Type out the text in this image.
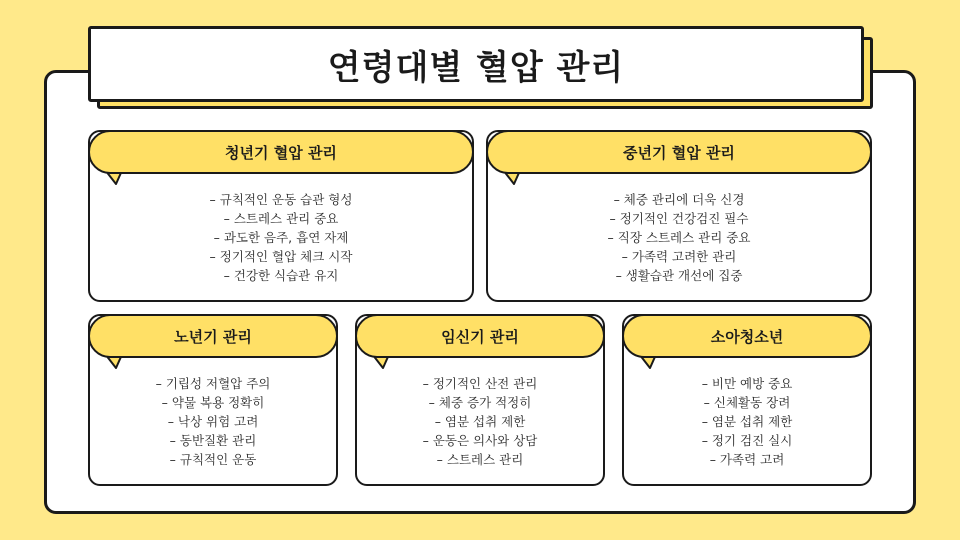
연령대별 혈압 관리
청년기 혈압 관리
– 규칙적인 운동 습관 형성
– 스트레스 관리 중요
– 과도한 음주, 흡연 자제
– 정기적인 혈압 체크 시작
– 건강한 식습관 유지
중년기 혈압 관리
– 체중 관리에 더욱 신경
– 정기적인 건강검진 필수
– 직장 스트레스 관리 중요
– 가족력 고려한 관리
– 생활습관 개선에 집중
노년기 관리
– 기립성 저혈압 주의
– 약물 복용 정확히
– 낙상 위험 고려
– 동반질환 관리
– 규칙적인 운동
임신기 관리
– 정기적인 산전 관리
– 체중 증가 적정히
– 염분 섭취 제한
– 운동은 의사와 상담
– 스트레스 관리
소아청소년
– 비만 예방 중요
– 신체활동 장려
– 염분 섭취 제한
– 정기 검진 실시
– 가족력 고려
